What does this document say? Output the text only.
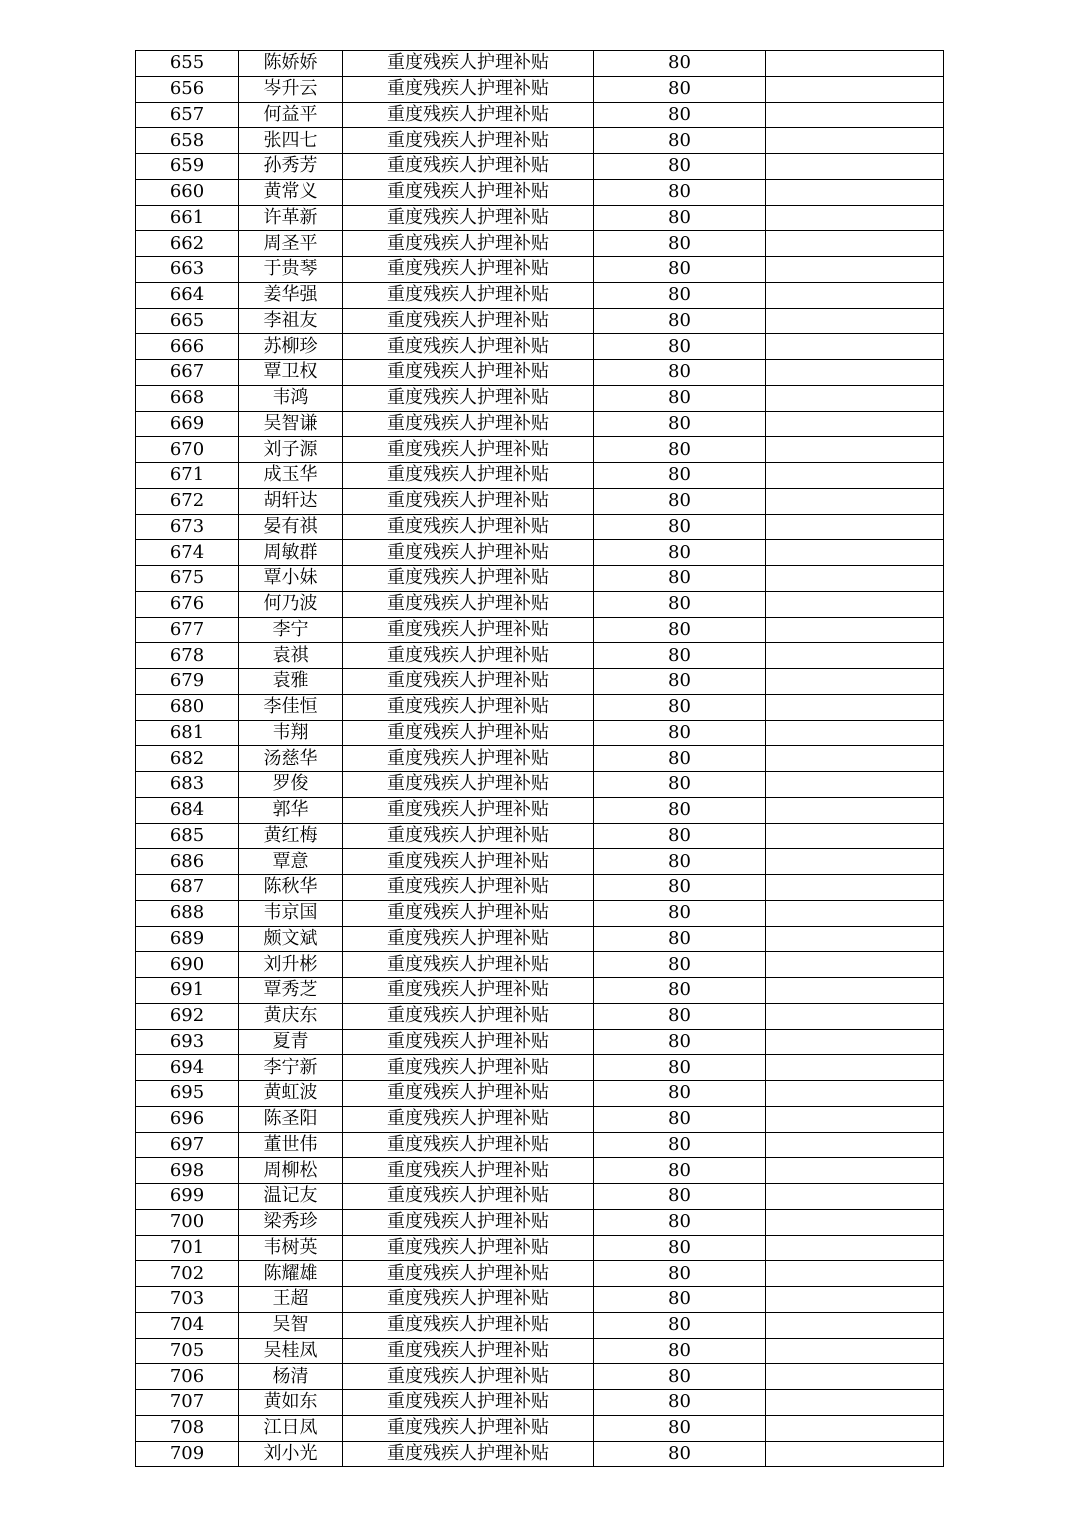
655	陈娇娇	重度残疾人护理补贴	80	
656	岑升云	重度残疾人护理补贴	80	
657	何益平	重度残疾人护理补贴	80	
658	张四七	重度残疾人护理补贴	80	
659	孙秀芳	重度残疾人护理补贴	80	
660	黄常义	重度残疾人护理补贴	80	
661	许革新	重度残疾人护理补贴	80	
662	周圣平	重度残疾人护理补贴	80	
663	于贵琴	重度残疾人护理补贴	80	
664	姜华强	重度残疾人护理补贴	80	
665	李祖友	重度残疾人护理补贴	80	
666	苏柳珍	重度残疾人护理补贴	80	
667	覃卫权	重度残疾人护理补贴	80	
668	韦鸿	重度残疾人护理补贴	80	
669	吴智谦	重度残疾人护理补贴	80	
670	刘子源	重度残疾人护理补贴	80	
671	成玉华	重度残疾人护理补贴	80	
672	胡轩达	重度残疾人护理补贴	80	
673	晏有祺	重度残疾人护理补贴	80	
674	周敏群	重度残疾人护理补贴	80	
675	覃小妹	重度残疾人护理补贴	80	
676	何乃波	重度残疾人护理补贴	80	
677	李宁	重度残疾人护理补贴	80	
678	袁祺	重度残疾人护理补贴	80	
679	袁雅	重度残疾人护理补贴	80	
680	李佳恒	重度残疾人护理补贴	80	
681	韦翔	重度残疾人护理补贴	80	
682	汤慈华	重度残疾人护理补贴	80	
683	罗俊	重度残疾人护理补贴	80	
684	郭华	重度残疾人护理补贴	80	
685	黄红梅	重度残疾人护理补贴	80	
686	覃意	重度残疾人护理补贴	80	
687	陈秋华	重度残疾人护理补贴	80	
688	韦京国	重度残疾人护理补贴	80	
689	颇文斌	重度残疾人护理补贴	80	
690	刘升彬	重度残疾人护理补贴	80	
691	覃秀芝	重度残疾人护理补贴	80	
692	黄庆东	重度残疾人护理补贴	80	
693	夏青	重度残疾人护理补贴	80	
694	李宁新	重度残疾人护理补贴	80	
695	黄虹波	重度残疾人护理补贴	80	
696	陈圣阳	重度残疾人护理补贴	80	
697	董世伟	重度残疾人护理补贴	80	
698	周柳松	重度残疾人护理补贴	80	
699	温记友	重度残疾人护理补贴	80	
700	梁秀珍	重度残疾人护理补贴	80	
701	韦树英	重度残疾人护理补贴	80	
702	陈耀雄	重度残疾人护理补贴	80	
703	王超	重度残疾人护理补贴	80	
704	吴智	重度残疾人护理补贴	80	
705	吴桂凤	重度残疾人护理补贴	80	
706	杨清	重度残疾人护理补贴	80	
707	黄如东	重度残疾人护理补贴	80	
708	江日凤	重度残疾人护理补贴	80	
709	刘小光	重度残疾人护理补贴	80	
